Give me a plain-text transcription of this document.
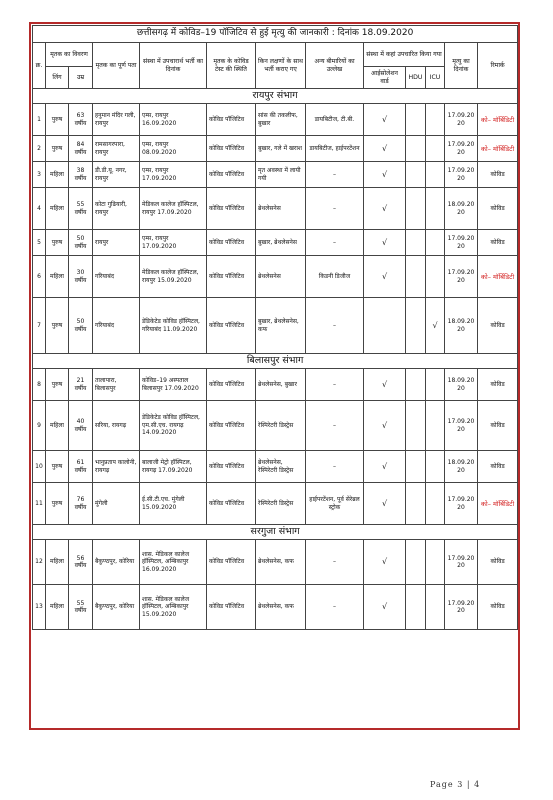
छत्तीसगढ़ में कोविड–19 पॉजिटिव से हुई मृत्यु की जानकारी : दिनांक 18.09.2020												
क्र.	मृतक का विवरण		मृतक का पूर्ण पता	संस्था में उपचारार्थ भर्ती का दिनांक	मृतक के कोविड टेस्ट की स्थिति	किन लक्षणों के साथ भर्ती कराए गए	अन्य बीमारियों का उल्लेख	संस्था में कहां उपचारित किया गया			मृत्यु का दिनांक	रिमार्क
	लिंग	उम्र						आईसोलेशन वार्ड	HDU	ICU		
रायपुर संभाग												
1	पुरुष	63 वर्षीय	हनुमान मंदिर गली, रायपुर	एम्स, रायपुर 16.09.2020	कोविड पॉजिटिव	सांस की तकलीफ, बुखार	डायबिटीज, टी.बी.	√			17.09.2020	को– मॉर्बिडिटी
2	पुरुष	84 वर्षीय	रामसागरपारा, रायपुर	एम्स, रायपुर 08.09.2020	कोविड पॉजिटिव	बुखार, गले में खराश	डायबिटीज, हाईपरटेंशन	√			17.09.2020	को– मॉर्बिडिटी
3	महिला	38 वर्षीय	डी.डी.यू. नगर, रायपुर	एम्स, रायपुर 17.09.2020	कोविड पॉजिटिव	मृत अवस्था में लायी गयी	–	√			17.09.2020	कोविड
4	महिला	55 वर्षीय	कोटा गुढियारी, रायपुर	मेडिकल कालेज हॉस्पिटल, रायपुर 17.09.2020	कोविड पॉजिटिव	ब्रेथलेसनेस	–	√			18.09.2020	कोविड
5	पुरुष	50 वर्षीय	रायपुर	एम्स, रायपुर 17.09.2020	कोविड पॉजिटिव	बुखार, ब्रेथलेसनेस	–	√			17.09.2020	कोविड
6	महिला	30 वर्षीय	गरियाबंद	मेडिकल कालेज हॉस्पिटल, रायपुर 15.09.2020	कोविड पॉजिटिव	ब्रेथलेसनेस	किडनी डिजीज	√			17.09.2020	को– मॉर्बिडिटी
7	पुरुष	50 वर्षीय	गरियाबंद	डेडिकेटेड कोविड हॉस्पिटल, गरियाबंद 11.09.2020	कोविड पॉजिटिव	बुखार, ब्रेथलेसनेस, कफ	–			√	18.09.2020	कोविड
बिलासपुर संभाग												
8	पुरुष	21 वर्षीय	तालापारा, बिलासपुर	कोविड–19 अस्पताल बिलासपुर 17.09.2020	कोविड पॉजिटिव	ब्रेथलेसनेस, बुखार	–	√			18.09.2020	कोविड
9	महिला	40 वर्षीय	सरिया, रायगढ़	डेडिकेटेड कोविड हॉस्पिटल, एम.सी.एच. रायगढ़ 14.09.2020	कोविड पॉजिटिव	रेस्पिरेटरी डिस्ट्रेस	–	√			17.09.2020	कोविड
10	पुरुष	61 वर्षीय	भानुप्रताप कालोनी, रायगढ़	बालाजी मेट्रो हॉस्पिटल, रायगढ़ 17.09.2020	कोविड पॉजिटिव	ब्रेथलेसनेस, रेस्पिरेटरी डिस्ट्रेस	–	√			18.09.2020	कोविड
11	पुरुष	76 वर्षीय	मुंगेली	ई.सी.टी.एच. मुंगेली 15.09.2020	कोविड पॉजिटिव	रेस्पिरेटरी डिस्ट्रेस	हाईपरटेंशन, पूर्व सेरेब्रल स्ट्रोक	√			17.09.2020	को– मॉर्बिडिटी
सरगुजा संभाग												
12	महिला	56 वर्षीय	बैकुण्ठपुर, कोरिया	शास. मेडिकल कालेज हॉस्पिटल, अम्बिकापुर 16.09.2020	कोविड पॉजिटिव	ब्रेथलेसनेस, कफ	–	√			17.09.2020	कोविड
13	महिला	55 वर्षीय	बैकुण्ठपुर, कोरिया	शास. मेडिकल कालेज हॉस्पिटल, अम्बिकापुर 15.09.2020	कोविड पॉजिटिव	ब्रेथलेसनेस, कफ	–	√			17.09.2020	कोविड
Page 3 | 4
